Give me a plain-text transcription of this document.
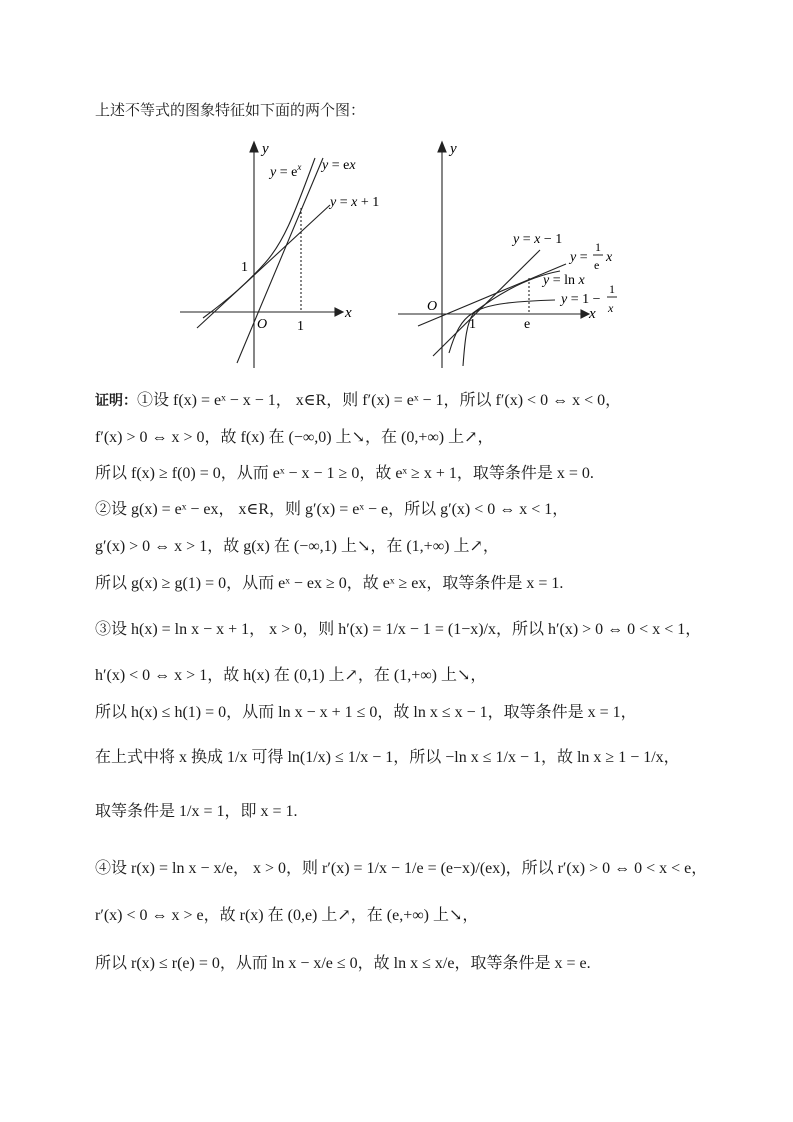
上述不等式的图象特征如下面的两个图：
y
x
O 1
1
$y = e^x$ y = ex
y = x + 1
y
x
O
1	e
y = x − 1
y =
1
e x
y = ln x
y = 1 −
1
x
证明：①设 f(x) = eˣ − x − 1， x∈R，则 f′(x) = eˣ − 1，所以 f′(x) < 0 ⇔ x < 0，
f′(x) > 0 ⇔ x > 0，故 f(x) 在 (−∞,0) 上↘，在 (0,+∞) 上↗，
所以 f(x) ≥ f(0) = 0，从而 eˣ − x − 1 ≥ 0，故 eˣ ≥ x + 1，取等条件是 x = 0.
②设 g(x) = eˣ − ex， x∈R，则 g′(x) = eˣ − e，所以 g′(x) < 0 ⇔ x < 1，
g′(x) > 0 ⇔ x > 1，故 g(x) 在 (−∞,1) 上↘，在 (1,+∞) 上↗，
所以 g(x) ≥ g(1) = 0，从而 eˣ − ex ≥ 0，故 eˣ ≥ ex，取等条件是 x = 1.
③设 h(x) = ln x − x + 1， x > 0，则 h′(x) = 1/x − 1 = (1−x)/x，所以 h′(x) > 0 ⇔ 0 < x < 1，
h′(x) < 0 ⇔ x > 1，故 h(x) 在 (0,1) 上↗，在 (1,+∞) 上↘，
所以 h(x) ≤ h(1) = 0，从而 ln x − x + 1 ≤ 0，故 ln x ≤ x − 1，取等条件是 x = 1，
在上式中将 x 换成 1/x 可得 ln(1/x) ≤ 1/x − 1，所以 −ln x ≤ 1/x − 1，故 ln x ≥ 1 − 1/x，
取等条件是 1/x = 1，即 x = 1.
④设 r(x) = ln x − x/e， x > 0，则 r′(x) = 1/x − 1/e = (e−x)/(ex)，所以 r′(x) > 0 ⇔ 0 < x < e，
r′(x) < 0 ⇔ x > e，故 r(x) 在 (0,e) 上↗，在 (e,+∞) 上↘，
所以 r(x) ≤ r(e) = 0，从而 ln x − x/e ≤ 0，故 ln x ≤ x/e，取等条件是 x = e.
